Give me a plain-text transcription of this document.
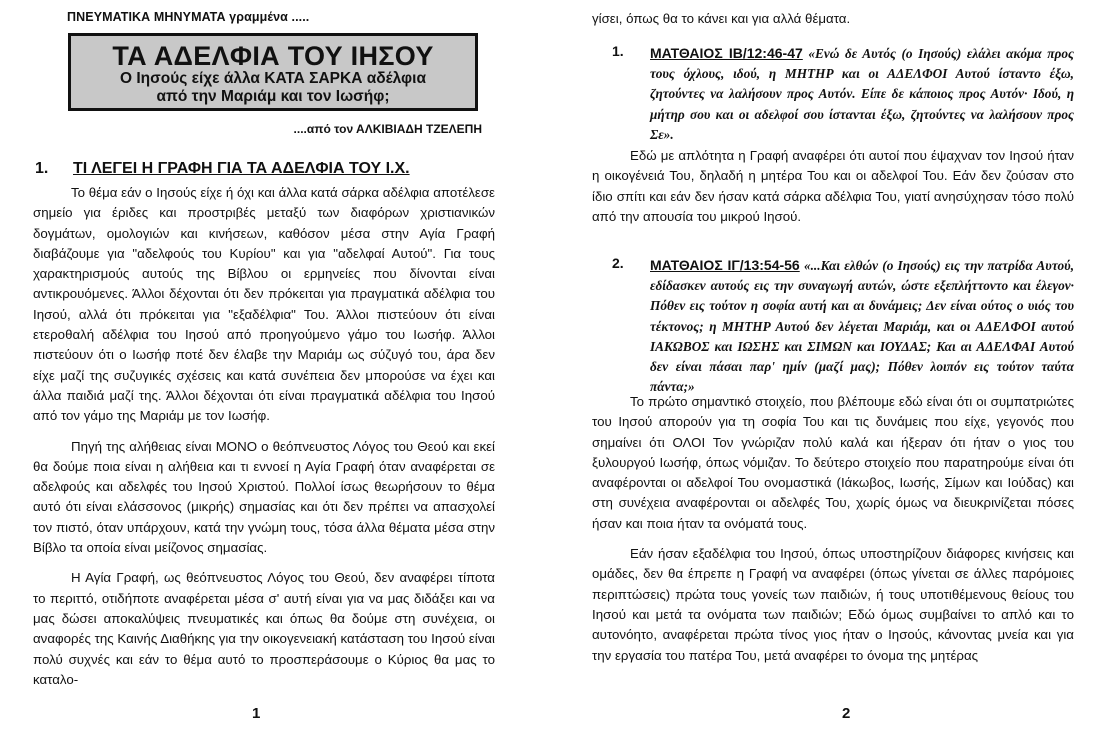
ΠΝΕΥΜΑΤΙΚΑ ΜΗΝΥΜΑΤΑ γραμμένα .....
ΤΑ ΑΔΕΛΦΙΑ ΤΟΥ ΙΗΣΟΥ
Ο Ιησούς είχε άλλα ΚΑΤΑ ΣΑΡΚΑ αδέλφια
από την Μαριάμ και τον Ιωσήφ;
....από τον ΑΛΚΙΒΙΑΔΗ ΤΖΕΛΕΠΗ
1. ΤΙ ΛΕΓΕΙ Η ΓΡΑΦΗ ΓΙΑ ΤΑ ΑΔΕΛΦΙΑ ΤΟΥ Ι.Χ.

Το θέμα εάν ο Ιησούς είχε ή όχι και άλλα κατά σάρκα αδέλφια αποτέλεσε σημείο για έριδες και προστριβές μεταξύ των διαφόρων χριστιανικών δογμάτων, ομολογιών και κινήσεων, καθόσον μέσα στην Αγία Γραφή διαβάζουμε για "αδελφούς του Κυρίου" και για "αδελφαί Αυτού". Για τους χαρακτηρισμούς αυτούς της Βίβλου οι ερμηνείες που δίνονται είναι αντικρουόμενες. Άλλοι δέχονται ότι δεν πρόκειται για πραγματικά αδέλφια του Ιησού, αλλά ότι πρόκειται για "εξαδέλφια" Του. Άλλοι πιστεύουν ότι είναι ετεροθαλή αδέλφια του Ιησού από προηγούμενο γάμο του Ιωσήφ. Άλλοι πιστεύουν ότι ο Ιωσήφ ποτέ δεν έλαβε την Μαριάμ ως σύζυγό του, άρα δεν είχε μαζί της συζυγικές σχέσεις και κατά συνέπεια δεν μπορούσε να έχει και άλλα παιδιά μαζί της. Άλλοι δέχονται ότι είναι πραγματικά αδέλφια του Ιησού από τον γάμο της Μαριάμ με τον Ιωσήφ.

Πηγή της αλήθειας είναι ΜΟΝΟ ο θεόπνευστος Λόγος του Θεού και εκεί θα δούμε ποια είναι η αλήθεια και τι εννοεί η Αγία Γραφή όταν αναφέρεται σε αδελφούς και αδελφές του Ιησού Χριστού. Πολλοί ίσως θεωρήσουν το θέμα αυτό ότι είναι ελάσσονος (μικρής) σημασίας και ότι δεν πρέπει να απασχολεί τον πιστό, όταν υπάρχουν, κατά την γνώμη τους, τόσα άλλα θέματα μέσα στην Βίβλο τα οποία είναι μείζονος σημασίας.

Η Αγία Γραφή, ως θεόπνευστος Λόγος του Θεού, δεν αναφέρει τίποτα το περιττό, οτιδήποτε αναφέρεται μέσα σ' αυτή είναι για να μας διδάξει και να μας δώσει αποκαλύψεις πνευματικές και όπως θα δούμε στη συνέχεια, οι αναφορές της Καινής Διαθήκης για την οικογενειακή κατάσταση του Ιησού είναι πολύ συχνές και εάν το θέμα αυτό το προσπεράσουμε ο Κύριος θα μας το καταλο-

1

γίσει, όπως θα το κάνει και για αλλά θέματα.

1. ΜΑΤΘΑΙΟΣ ΙΒ/12:46-47 «Ενώ δε Αυτός (ο Ιησούς) ελάλει ακόμα προς τους όχλους, ιδού, η ΜΗΤΗΡ και οι ΑΔΕΛΦΟΙ Αυτού ίσταντο έξω, ζητούντες να λαλήσουν προς Αυτόν. Είπε δε κάποιος προς Αυτόν· Ιδού, η μήτηρ σου και οι αδελφοί σου ίστανται έξω, ζητούντες να λαλήσουν προς Σε».

Εδώ με απλότητα η Γραφή αναφέρει ότι αυτοί που έψαχναν τον Ιησού ήταν η οικογένειά Του, δηλαδή η μητέρα Του και οι αδελφοί Του. Εάν δεν ζούσαν στο ίδιο σπίτι και εάν δεν ήσαν κατά σάρκα αδέλφια Του, γιατί ανησύχησαν τόσο πολύ από την απουσία του μικρού Ιησού.

2. ΜΑΤΘΑΙΟΣ ΙΓ/13:54-56 «...Και ελθών (ο Ιησούς) εις την πατρίδα Αυτού, εδίδασκεν αυτούς εις την συναγωγή αυτών, ώστε εξεπλήττοντο και έλεγον· Πόθεν εις τούτον η σοφία αυτή και αι δυνάμεις; Δεν είναι ούτος ο υιός του τέκτονος; η ΜΗΤΗΡ Αυτού δεν λέγεται Μαριάμ, και οι ΑΔΕΛΦΟΙ αυτού ΙΑΚΩΒΟΣ και ΙΩΣΗΣ και ΣΙΜΩΝ και ΙΟΥΔΑΣ; Και αι ΑΔΕΛΦΑΙ Αυτού δεν είναι πάσαι παρ' ημίν (μαζί μας); Πόθεν λοιπόν εις τούτον ταύτα πάντα;»

Το πρώτο σημαντικό στοιχείο, που βλέπουμε εδώ είναι ότι οι συμπατριώτες του Ιησού απορούν για τη σοφία Του και τις δυνάμεις που είχε, γεγονός που σημαίνει ότι ΟΛΟΙ Τον γνώριζαν πολύ καλά και ήξεραν ότι ήταν ο γιος του ξυλουργού Ιωσήφ, όπως νόμιζαν. Το δεύτερο στοιχείο που παρατηρούμε είναι ότι αναφέρονται οι αδελφοί Του ονομαστικά (Ιάκωβος, Ιωσής, Σίμων και Ιούδας) και στη συνέχεια αναφέρονται οι αδελφές Του, χωρίς όμως να διευκρινίζεται πόσες ήσαν και ποια ήταν τα ονόματά τους.

Εάν ήσαν εξαδέλφια του Ιησού, όπως υποστηρίζουν διάφορες κινήσεις και ομάδες, δεν θα έπρεπε η Γραφή να αναφέρει (όπως γίνεται σε άλλες παρόμοιες περιπτώσεις) πρώτα τους γονείς των παιδιών, ή τους υποτιθέμενους θείους του Ιησού και μετά τα ονόματα των παιδιών; Εδώ όμως συμβαίνει το απλό και το αυτονόητο, αναφέρεται πρώτα τίνος γιος ήταν ο Ιησούς, κάνοντας μνεία και για την εργασία του πατέρα Του, μετά αναφέρει το όνομα της μητέρας

2
